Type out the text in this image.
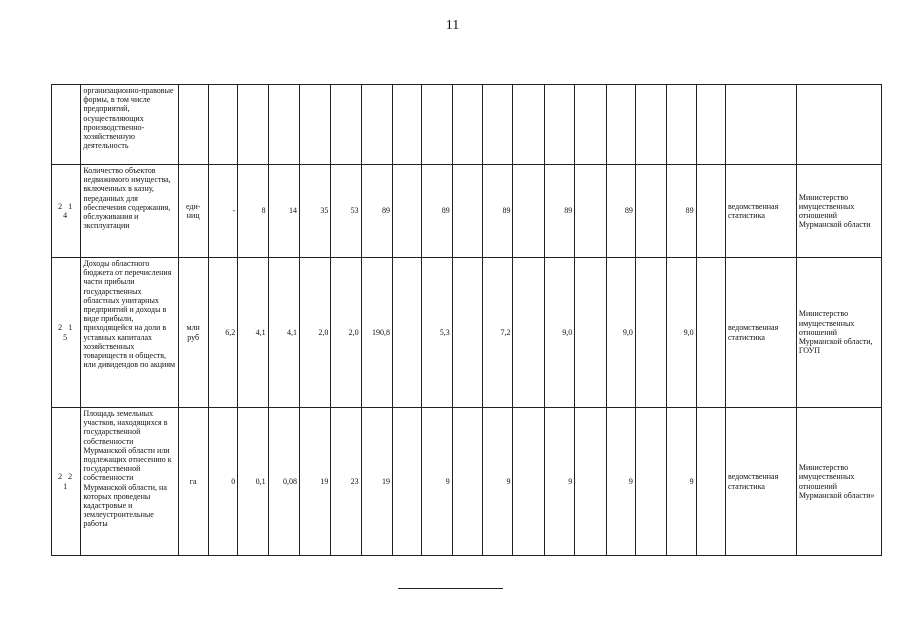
11
	организационно-правовые формы, в том числе предприятий, осуществляющих производственно-хозяйственную деятельность																				
2 1 4	Количество объектов недвижимого имущества, включенных в казну, переданных для обеспечения содержания, обслуживания и эксплуатации	еди-ниц	-	8	14	35	53	89		89		89		89		89		89		ведомственная статистика	Министерство имущественных отношений Мурманской области
2 1 5	Доходы областного бюджета от перечисления части прибыли государственных областных унитарных предприятий и доходы в виде прибыли, приходящейся на доли в уставных капиталах хозяйственных товариществ и обществ, или дивидендов по акциям	млн руб	6,2	4,1	4,1	2,0	2,0	190,8		5,3		7,2		9,0		9,0		9,0		ведомственная статистика	Министерство имущественных отношений Мурманской области, ГОУП
2 2 1	Площадь земельных участков, находящихся в государственной собственности Мурманской области или подлежащих отнесению к государственной собственности Мурманской области, на которых проведены кадастровые и землеустроительные работы	га	0	0,1	0,08	19	23	19		9		9		9		9		9		ведомственная статистика	Министерство имущественных отношений Мурманской области»
